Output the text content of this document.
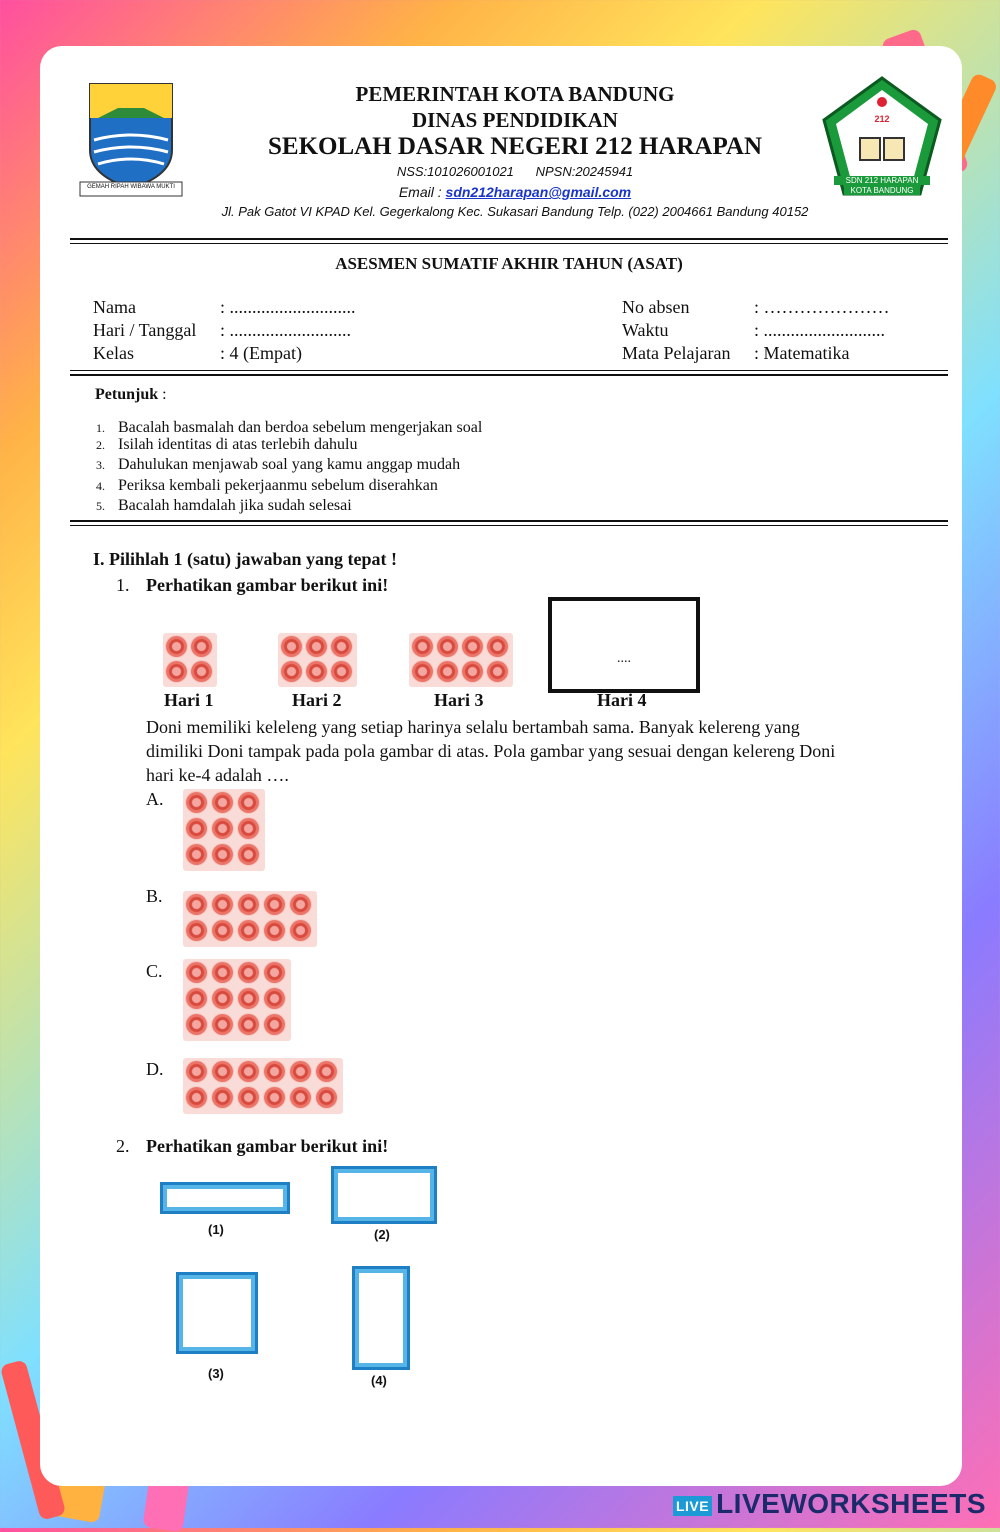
GEMAH RIPAH WIBAWA MUKTI
212
SDN 212 HARAPAN
KOTA BANDUNG
PEMERINTAH KOTA BANDUNG
DINAS PENDIDIKAN
SEKOLAH DASAR NEGERI 212 HARAPAN
NSS:101026001021 NPSN:20245941
Email : sdn212harapan@gmail.com
Jl. Pak Gatot VI KPAD Kel. Gegerkalong Kec. Sukasari Bandung Telp. (022) 2004661 Bandung 40152
ASESMEN SUMATIF AKHIR TAHUN (ASAT)
Nama	: ............................
Hari / Tanggal : ...........................
Kelas	: 4 (Empat)
No absen	: …………………
Waktu	: ...........................
Mata Pelajaran : Matematika
Petunjuk :
1. Bacalah basmalah dan berdoa sebelum mengerjakan soal
2. Isilah identitas di atas terlebih dahulu
3. Dahulukan menjawab soal yang kamu anggap mudah
4. Periksa kembali pekerjaanmu sebelum diserahkan
5. Bacalah hamdalah jika sudah selesai
I. Pilihlah 1 (satu) jawaban yang tepat !
1. Perhatikan gambar berikut ini!
....
Hari 1	Hari 2	Hari 3	Hari 4
Doni memiliki keleleng yang setiap harinya selalu bertambah sama. Banyak kelereng yang
dimiliki Doni tampak pada pola gambar di atas. Pola gambar yang sesuai dengan kelereng Doni
hari ke-4 adalah ….
A.
B.
C.
D.
2. Perhatikan gambar berikut ini!
(1)	(2)
(3)	(4)
LIVE LIVEWORKSHEETS
